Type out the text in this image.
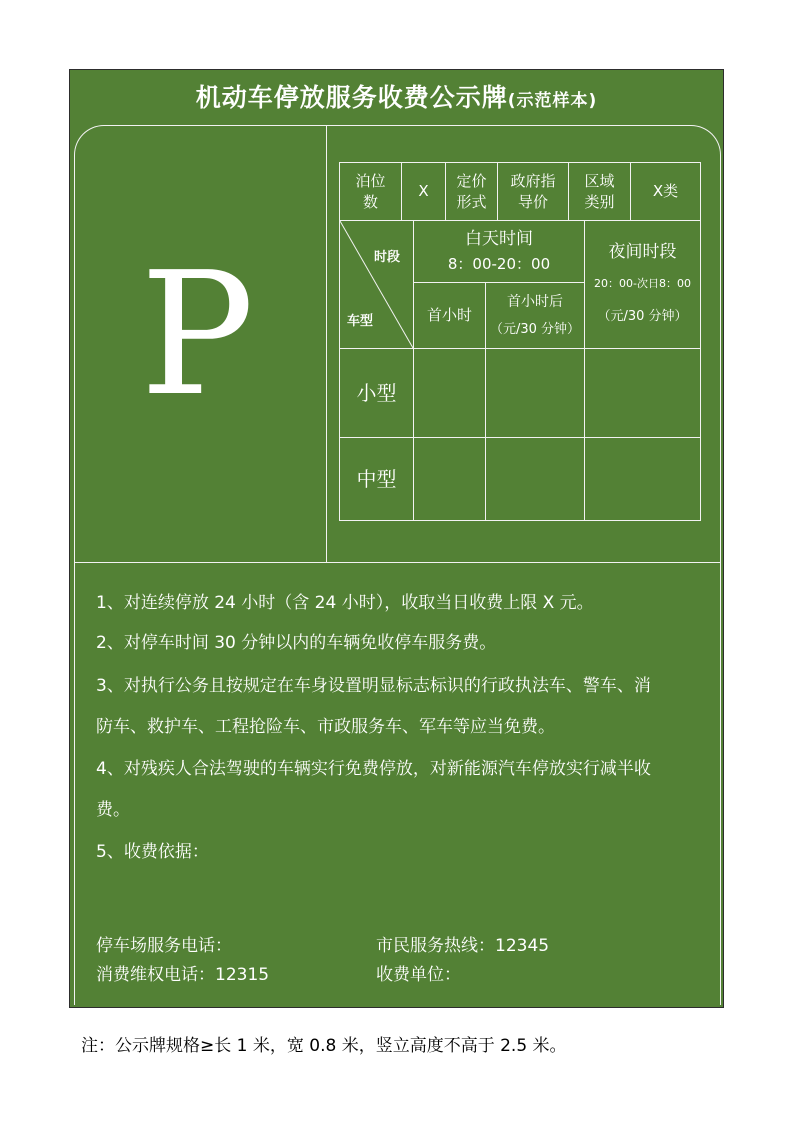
机动车停放服务收费公示牌(示范样本)
P
泊位数
X
定价形式
政府指导价
区域类别
X类
时段
车型
白天时间
8：00-20：00
首小时
首小时后
（元/30 分钟）
夜间时段
20：00-次日8：00
（元/30 分钟）
小型
中型
1、对连续停放 24 小时（含 24 小时），收取当日收费上限 X 元。
2、对停车时间 30 分钟以内的车辆免收停车服务费。
3、对执行公务且按规定在车身设置明显标志标识的行政执法车、警车、消
防车、救护车、工程抢险车、市政服务车、军车等应当免费。
4、对残疾人合法驾驶的车辆实行免费停放，对新能源汽车停放实行减半收
费。
5、收费依据：
停车场服务电话：	市民服务热线：12345
消费维权电话：12315	收费单位：
注：公示牌规格≥长 1 米，宽 0.8 米，竖立高度不高于 2.5 米。
